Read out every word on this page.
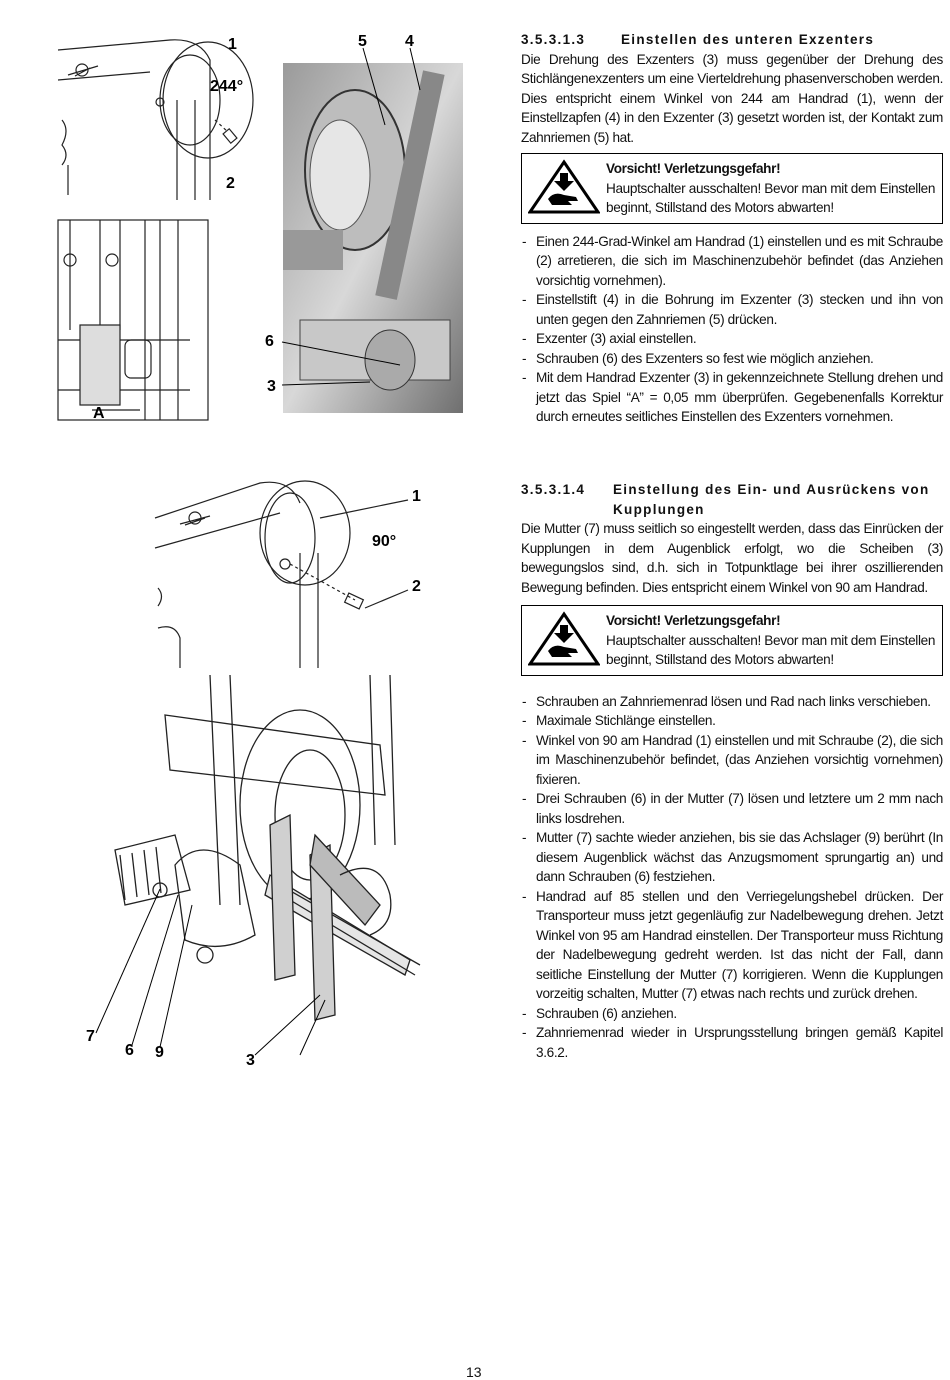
1
244°
2
A
5 4
6
3
1
90°
2
7
6 9	3
3.5.3.1.3	Einstellen des unteren Exzenters

Die Drehung des Exzenters (3) muss gegenüber der Drehung des Stichlängenexzenters um eine Vierteldrehung phasenverschoben werden. Dies entspricht einem Winkel von 244 am Handrad (1), wenn der Einstellzapfen (4) in den Exzenter (3) gesetzt worden ist, der Kontakt zum Zahnriemen (5) hat.

Vorsicht! Verletzungsgefahr!
Hauptschalter ausschalten! Bevor man mit dem Einstellen beginnt, Stillstand des Motors abwarten!
- Einen 244-Grad-Winkel am Handrad (1) einstellen und es mit Schraube (2) arretieren, die sich im Maschinenzubehör befindet (das Anziehen vorsichtig vornehmen).
- Einstellstift (4) in die Bohrung im Exzenter (3) stecken und ihn von unten gegen den Zahnriemen (5) drücken.
- Exzenter (3) axial einstellen.
- Schrauben (6) des Exzenters so fest wie möglich anziehen.
- Mit dem Handrad Exzenter (3) in gekennzeichnete Stellung drehen und jetzt das Spiel “A” = 0,05 mm überprüfen. Gegebenenfalls Korrektur durch erneutes seitliches Einstellen des Exzenters vornehmen.
3.5.3.1.4	Einstellung des Ein- und Ausrückens von Kupplungen

Die Mutter (7) muss seitlich so eingestellt werden, dass das Einrücken der Kupplungen in dem Augenblick erfolgt, wo die Scheiben (3) bewegungslos sind, d.h. sich in Totpunktlage bei ihrer oszillierenden Bewegung befinden. Dies entspricht einem Winkel von 90 am Handrad.

Vorsicht! Verletzungsgefahr!
Hauptschalter ausschalten! Bevor man mit dem Einstellen beginnt, Stillstand des Motors abwarten!
- Schrauben an Zahnriemenrad lösen und Rad nach links verschieben.
- Maximale Stichlänge einstellen.
- Winkel von 90 am Handrad (1) einstellen und mit Schraube (2), die sich im Maschinenzubehör befindet, (das Anziehen vorsichtig vornehmen) fixieren.
- Drei Schrauben (6) in der Mutter (7) lösen und letztere um 2 mm nach links losdrehen.
- Mutter (7) sachte wieder anziehen, bis sie das Achslager (9) berührt (In diesem Augenblick wächst das Anzugsmoment sprungartig an) und dann Schrauben (6) festziehen.
- Handrad auf 85 stellen und den Verriegelungshebel drücken. Der Transporteur muss jetzt gegenläufig zur Nadelbewegung drehen. Jetzt Winkel von 95 am Handrad einstellen. Der Transporteur muss Richtung der Nadelbewegung gedreht werden. Ist das nicht der Fall, dann seitliche Einstellung der Mutter (7) korrigieren. Wenn die Kupplungen vorzeitig schalten, Mutter (7) etwas nach rechts und zurück drehen.
- Schrauben (6) anziehen.
- Zahnriemenrad wieder in Ursprungsstellung bringen gemäß Kapitel 3.6.2.
13
